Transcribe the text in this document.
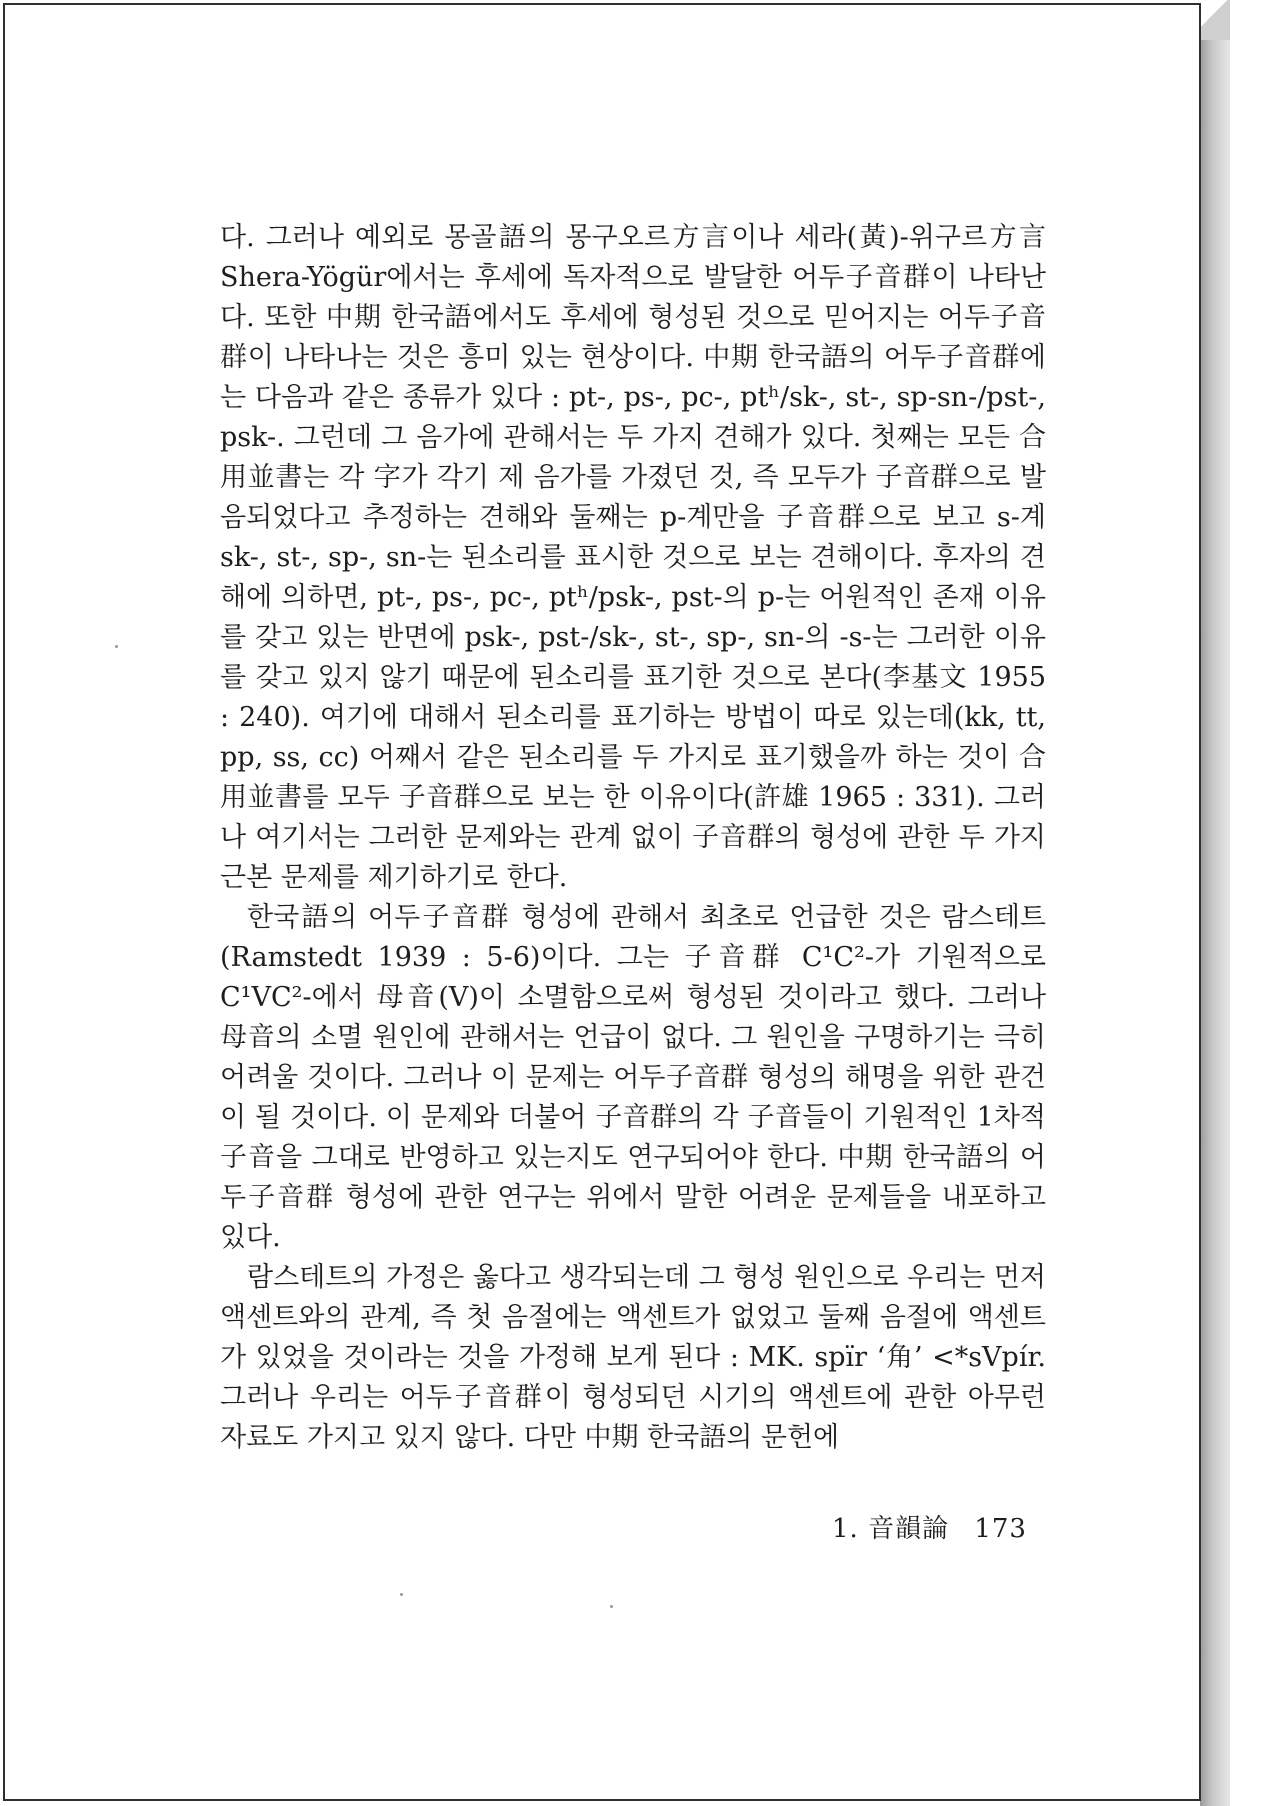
다. 그러나 예외로 몽골語의 몽구오르方言이나 세라(黃)-위구르方言 Shera-Yögür에서는 후세에 독자적으로 발달한 어두子音群이 나타난다. 또한 中期 한국語에서도 후세에 형성된 것으로 믿어지는 어두子音群이 나타나는 것은 흥미 있는 현상이다. 中期 한국語의 어두子音群에는 다음과 같은 종류가 있다 : pt-, ps-, pc-, ptʰ/sk-, st-, sp-sn-/pst-, psk-. 그런데 그 음가에 관해서는 두 가지 견해가 있다. 첫째는 모든 合用並書는 각 字가 각기 제 음가를 가졌던 것, 즉 모두가 子音群으로 발음되었다고 추정하는 견해와 둘째는 p-계만을 子音群으로 보고 s-계 sk-, st-, sp-, sn-는 된소리를 표시한 것으로 보는 견해이다. 후자의 견해에 의하면, pt-, ps-, pc-, ptʰ/psk-, pst-의 p-는 어원적인 존재 이유를 갖고 있는 반면에 psk-, pst-/sk-, st-, sp-, sn-의 -s-는 그러한 이유를 갖고 있지 않기 때문에 된소리를 표기한 것으로 본다(李基文 1955 : 240). 여기에 대해서 된소리를 표기하는 방법이 따로 있는데(kk, tt, pp, ss, cc) 어째서 같은 된소리를 두 가지로 표기했을까 하는 것이 合用並書를 모두 子音群으로 보는 한 이유이다(許雄 1965 : 331). 그러나 여기서는 그러한 문제와는 관계 없이 子音群의 형성에 관한 두 가지 근본 문제를 제기하기로 한다.

한국語의 어두子音群 형성에 관해서 최초로 언급한 것은 람스테트(Ramstedt 1939 : 5-6)이다. 그는 子音群 C¹C²-가 기원적으로 C¹VC²-에서 母音(V)이 소멸함으로써 형성된 것이라고 했다. 그러나 母音의 소멸 원인에 관해서는 언급이 없다. 그 원인을 구명하기는 극히 어려울 것이다. 그러나 이 문제는 어두子音群 형성의 해명을 위한 관건이 될 것이다. 이 문제와 더불어 子音群의 각 子音들이 기원적인 1차적 子音을 그대로 반영하고 있는지도 연구되어야 한다. 中期 한국語의 어두子音群 형성에 관한 연구는 위에서 말한 어려운 문제들을 내포하고 있다.

람스테트의 가정은 옳다고 생각되는데 그 형성 원인으로 우리는 먼저 액센트와의 관계, 즉 첫 음절에는 액센트가 없었고 둘째 음절에 액센트가 있었을 것이라는 것을 가정해 보게 된다 : MK. spïr ‘角’ <*sVpír. 그러나 우리는 어두子音群이 형성되던 시기의 액센트에 관한 아무런 자료도 가지고 있지 않다. 다만 中期 한국語의 문헌에

1. 音韻論 173
